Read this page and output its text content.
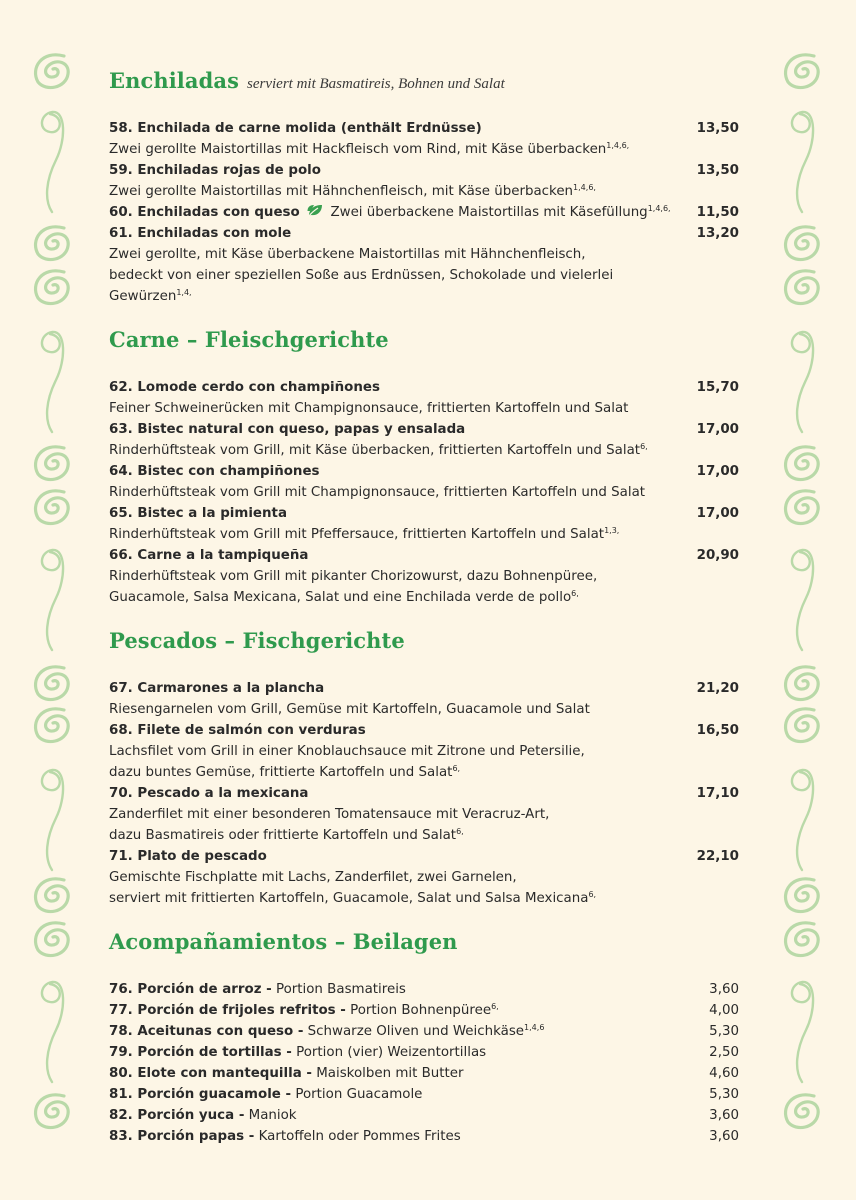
Enchiladas serviert mit Basmatireis, Bohnen und Salat
58. Enchilada de carne molida (enthält Erdnüsse)	13,50
Zwei gerollte Maistortillas mit Hackfleisch vom Rind, mit Käse überbacken$^{1,4,6,}$
59. Enchiladas rojas de polo	13,50
Zwei gerollte Maistortillas mit Hähnchenfleisch, mit Käse überbacken$^{1,4,6,}$
60. Enchiladas con queso Zwei überbackene Maistortillas mit Käsefüllung$^{1,4,6,}$	11,50
61. Enchiladas con mole	13,20
Zwei gerollte, mit Käse überbackene Maistortillas mit Hähnchenfleisch,
bedeckt von einer speziellen Soße aus Erdnüssen, Schokolade und vielerlei
Gewürzen$^{1,4,}$
Carne – Fleischgerichte
62. Lomode cerdo con champiñones	15,70
Feiner Schweinerücken mit Champignonsauce, frittierten Kartoffeln und Salat
63. Bistec natural con queso, papas y ensalada	17,00
Rinderhüftsteak vom Grill, mit Käse überbacken, frittierten Kartoffeln und Salat$^{6,}$
64. Bistec con champiñones	17,00
Rinderhüftsteak vom Grill mit Champignonsauce, frittierten Kartoffeln und Salat
65. Bistec a la pimienta	17,00
Rinderhüftsteak vom Grill mit Pfeffersauce, frittierten Kartoffeln und Salat$^{1,3,}$
66. Carne a la tampiqueña	20,90
Rinderhüftsteak vom Grill mit pikanter Chorizowurst, dazu Bohnenpüree,
Guacamole, Salsa Mexicana, Salat und eine Enchilada verde de pollo$^{6,}$
Pescados – Fischgerichte
67. Carmarones a la plancha	21,20
Riesengarnelen vom Grill, Gemüse mit Kartoffeln, Guacamole und Salat
68. Filete de salmón con verduras	16,50
Lachsfilet vom Grill in einer Knoblauchsauce mit Zitrone und Petersilie,
dazu buntes Gemüse, frittierte Kartoffeln und Salat$^{6,}$
70. Pescado a la mexicana	17,10
Zanderfilet mit einer besonderen Tomatensauce mit Veracruz-Art,
dazu Basmatireis oder frittierte Kartoffeln und Salat$^{6,}$
71. Plato de pescado	22,10
Gemischte Fischplatte mit Lachs, Zanderfilet, zwei Garnelen,
serviert mit frittierten Kartoffeln, Guacamole, Salat und Salsa Mexicana$^{6,}$
Acompañamientos – Beilagen
76. Porción de arroz - Portion Basmatireis	3,60
77. Porción de frijoles refritos - Portion Bohnenpüree$^{6,}$	4,00
78. Aceitunas con queso - Schwarze Oliven und Weichkäse$^{1,4,6}$	5,30
79. Porción de tortillas - Portion (vier) Weizentortillas	2,50
80. Elote con mantequilla - Maiskolben mit Butter	4,60
81. Porción guacamole - Portion Guacamole	5,30
82. Porción yuca - Maniok	3,60
83. Porción papas - Kartoffeln oder Pommes Frites	3,60
